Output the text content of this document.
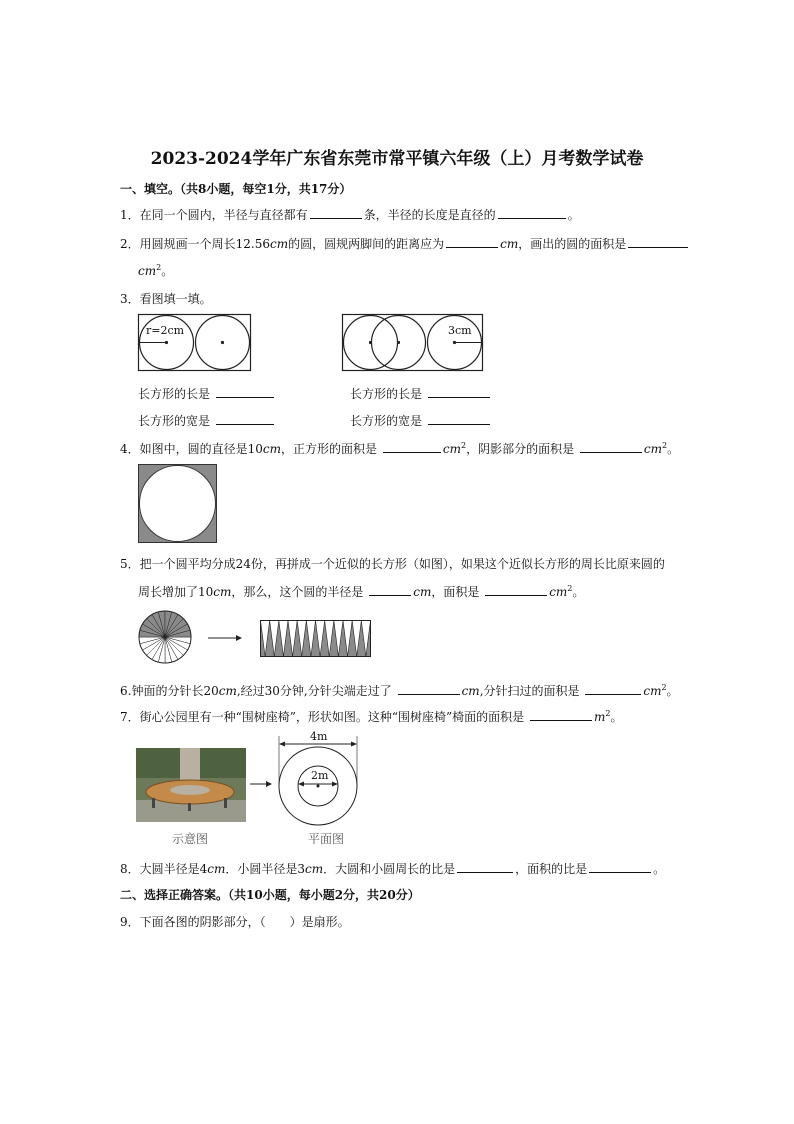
2023-2024学年广东省东莞市常平镇六年级（上）月考数学试卷
一、填空。（共8小题，每空1分，共17分）
1．在同一个圆内，半径与直径都有	条，半径的长度是直径的	。
2．用圆规画一个周长12.56cm的圆，圆规两脚间的距离应为	cm，画出的圆的面积是
$cm^2$。
3．看图填一填。
r=2cm	3cm
长方形的长是
长方形的宽是
长方形的长是
长方形的宽是
4．如图中，圆的直径是10cm，正方形的面积是	$cm^2$，阴影部分的面积是	$cm^2$。
5．把一个圆平均分成24份，再拼成一个近似的长方形（如图），如果这个近似长方形的周长比原来圆的
周长增加了10cm，那么，这个圆的半径是	cm，面积是	$cm^2$。
6.钟面的分针长20cm,经过30分钟,分针尖端走过了	cm,分针扫过的面积是	$cm^2$。
7．街心公园里有一种“围树座椅”，形状如图。这种“围树座椅”椅面的面积是	$m^2$。
示意图
4m
2m
平面图
8．大圆半径是4cm．小圆半径是3cm．大圆和小圆周长的比是	，面积的比是	。
二、选择正确答案。（共10小题，每小题2分，共20分）
9．下面各图的阴影部分，（　　）是扇形。
